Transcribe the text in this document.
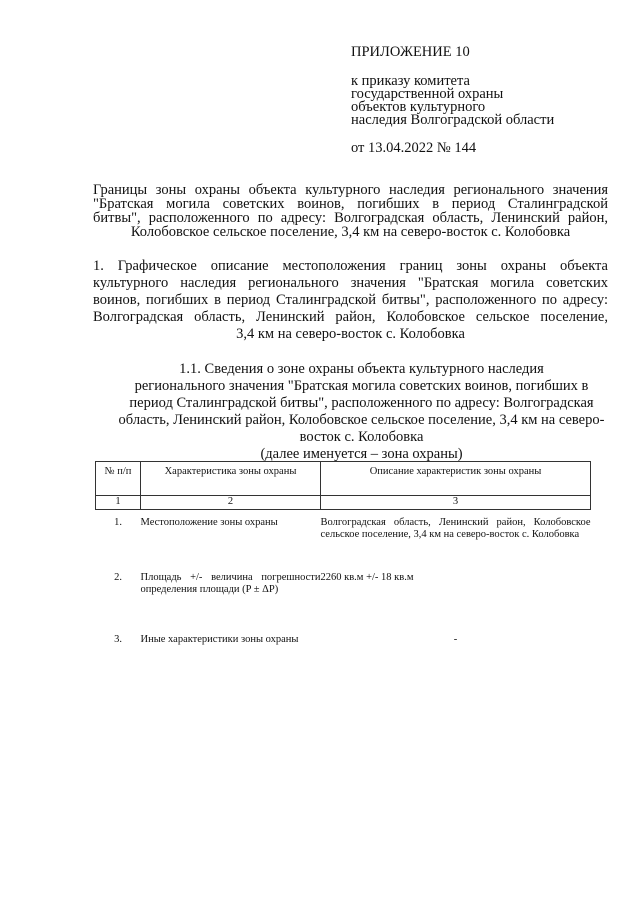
ПРИЛОЖЕНИЕ 10
к приказу комитета
государственной охраны
объектов культурного
наследия Волгоградской области
от 13.04.2022 № 144
Границы зоны охраны объекта культурного наследия регионального значения
"Братская могила советских воинов, погибших в период Сталинградской
битвы", расположенного по адресу: Волгоградская область, Ленинский район,
Колобовское сельское поселение, 3,4 км на северо-восток с. Колобовка
1. Графическое описание местоположения границ зоны охраны объекта
культурного наследия регионального значения "Братская могила советских
воинов, погибших в период Сталинградской битвы", расположенного по адресу:
Волгоградская область, Ленинский район, Колобовское сельское поселение,
3,4 км на северо-восток с. Колобовка
1.1. Сведения о зоне охраны объекта культурного наследия
регионального значения "Братская могила советских воинов, погибших в
период Сталинградской битвы", расположенного по адресу: Волгоградская
область, Ленинский район, Колобовское сельское поселение, 3,4 км на северо-
восток с. Колобовка
(далее именуется – зона охраны)
№ п/п	Характеристика зоны охраны	Описание характеристик зоны охраны
1	2	3
1.	Местоположение зоны охраны	Волгоградская область, Ленинский район, Колобовское сельское поселение, 3,4 км на северо-восток с. Колобовка
2.	Площадь +/- величина погрешности определения площади (P ± ΔP)	2260 кв.м +/- 18 кв.м
3.	Иные характеристики зоны охраны	-
